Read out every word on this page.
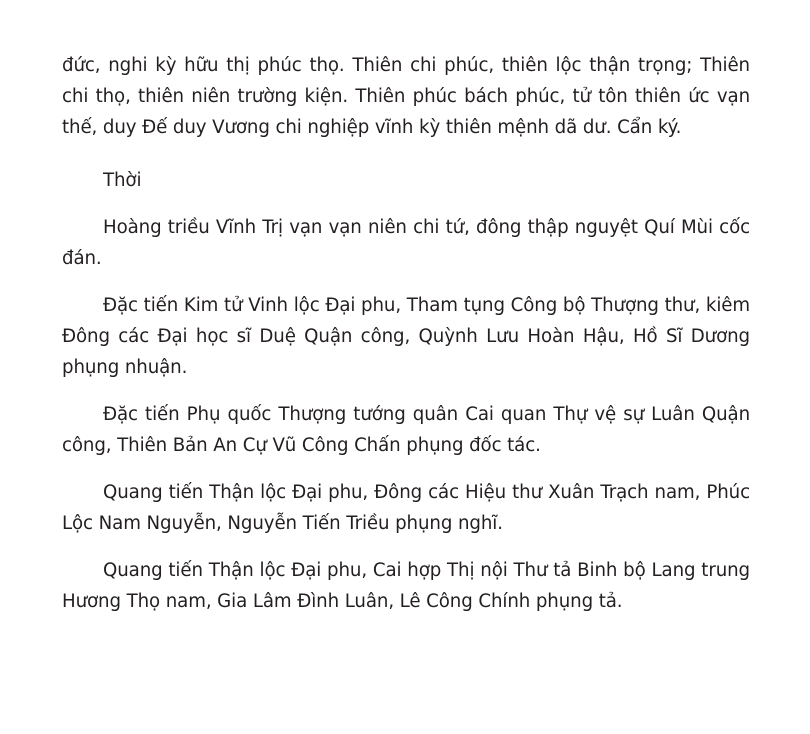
đức, nghi kỳ hữu thị phúc thọ. Thiên chi phúc, thiên lộc thận trọng; Thiên chi thọ, thiên niên trường kiện. Thiên phúc bách phúc, tử tôn thiên ức vạn thế, duy Đế duy Vương chi nghiệp vĩnh kỳ thiên mệnh dã dư. Cẩn ký.

Thời

Hoàng triều Vĩnh Trị vạn vạn niên chi tứ, đông thập nguyệt Quí Mùi cốc đán.

Đặc tiến Kim tử Vinh lộc Đại phu, Tham tụng Công bộ Thượng thư, kiêm Đông các Đại học sĩ Duệ Quận công, Quỳnh Lưu Hoàn Hậu, Hồ Sĩ Dương phụng nhuận.

Đặc tiến Phụ quốc Thượng tướng quân Cai quan Thự vệ sự Luân Quận công, Thiên Bản An Cự Vũ Công Chấn phụng đốc tác.

Quang tiến Thận lộc Đại phu, Đông các Hiệu thư Xuân Trạch nam, Phúc Lộc Nam Nguyễn, Nguyễn Tiến Triều phụng nghĩ.

Quang tiến Thận lộc Đại phu, Cai hợp Thị nội Thư tả Binh bộ Lang trung Hương Thọ nam, Gia Lâm Đình Luân, Lê Công Chính phụng tả.
